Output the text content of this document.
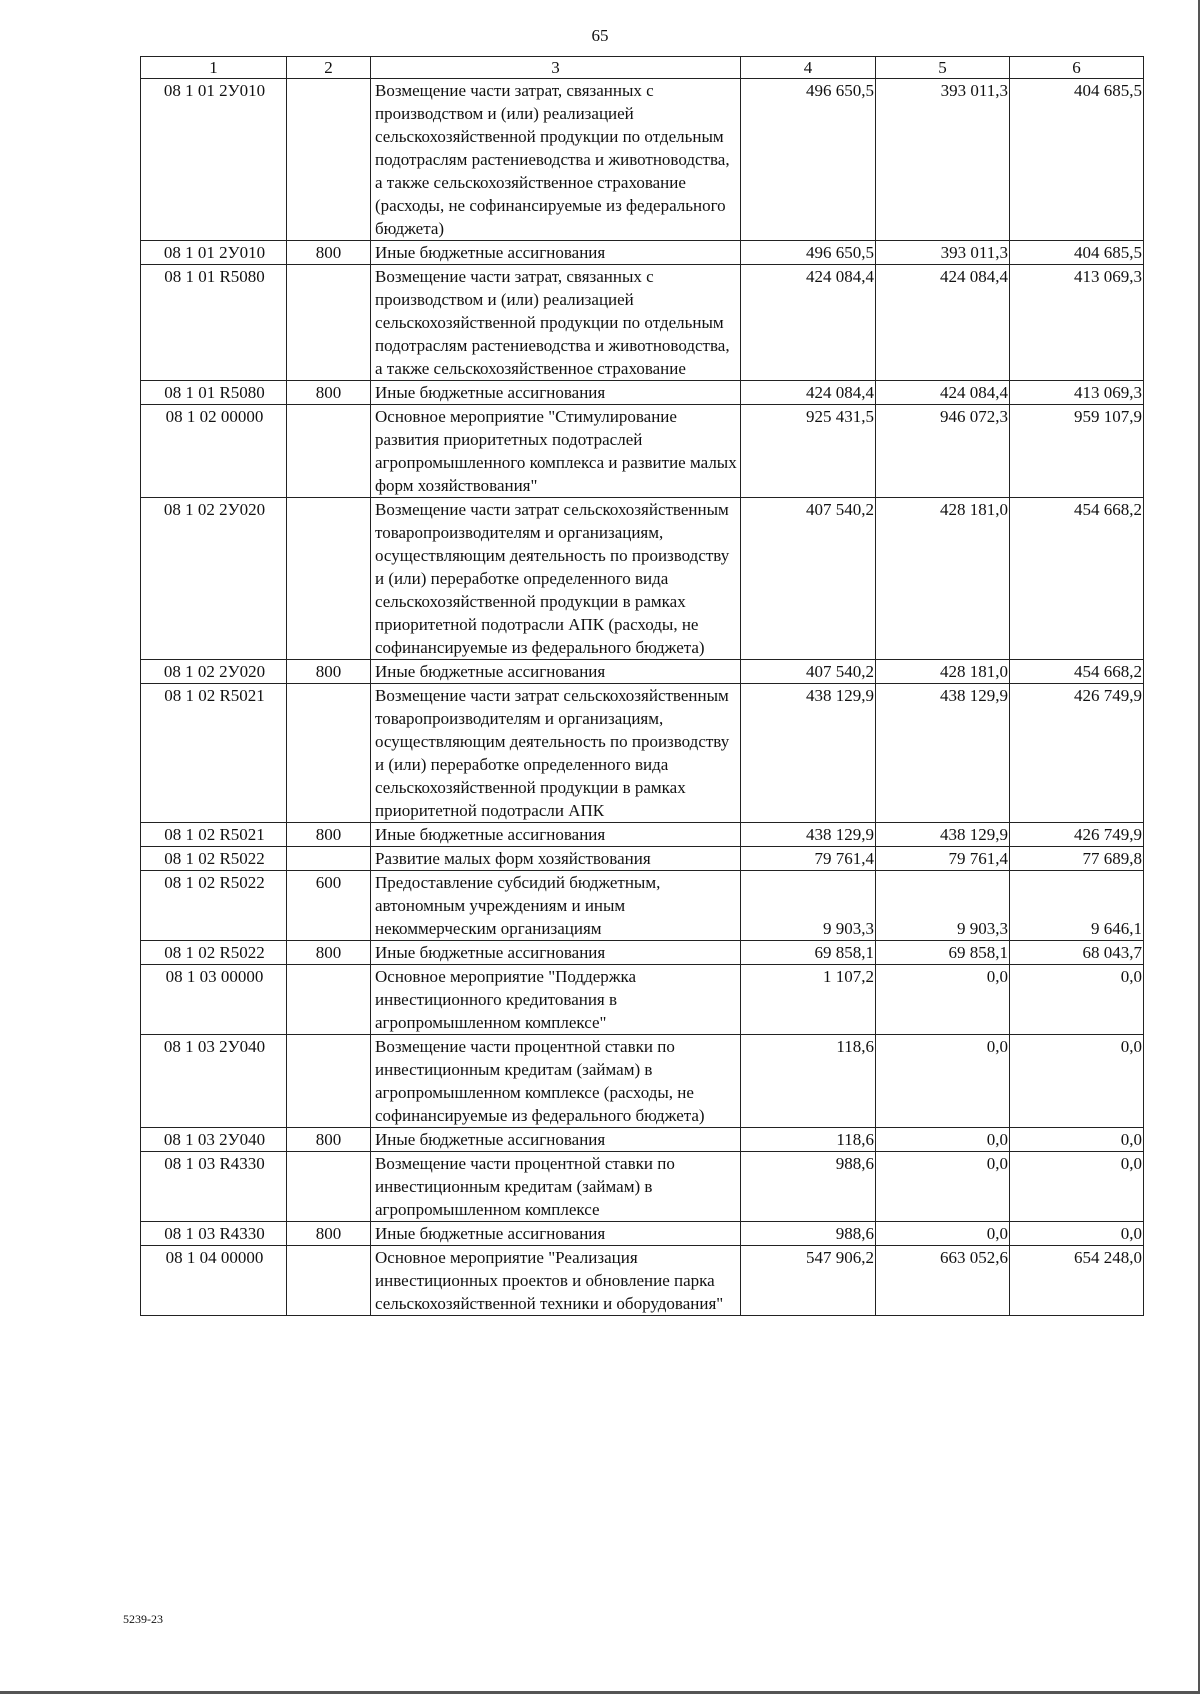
65
1	2	3	4	5	6
08 1 01 2У010		Возмещение части затрат, связанных с производством и (или) реализацией сельскохозяйственной продукции по отдельным подотраслям растениеводства и животноводства, а также сельскохозяйственное страхование (расходы, не софинансируемые из федерального бюджета)	496 650,5	393 011,3	404 685,5
08 1 01 2У010	800	Иные бюджетные ассигнования	496 650,5	393 011,3	404 685,5
08 1 01 R5080		Возмещение части затрат, связанных с производством и (или) реализацией сельскохозяйственной продукции по отдельным подотраслям растениеводства и животноводства, а также сельскохозяйственное страхование	424 084,4	424 084,4	413 069,3
08 1 01 R5080	800	Иные бюджетные ассигнования	424 084,4	424 084,4	413 069,3
08 1 02 00000		Основное мероприятие "Стимулирование развития приоритетных подотраслей агропромышленного комплекса и развитие малых форм хозяйствования"	925 431,5	946 072,3	959 107,9
08 1 02 2У020		Возмещение части затрат сельскохозяйственным товаропроизводителям и организациям, осуществляющим деятельность по производству и (или) переработке определенного вида сельскохозяйственной продукции в рамках приоритетной подотрасли АПК (расходы, не софинансируемые из федерального бюджета)	407 540,2	428 181,0	454 668,2
08 1 02 2У020	800	Иные бюджетные ассигнования	407 540,2	428 181,0	454 668,2
08 1 02 R5021		Возмещение части затрат сельскохозяйственным товаропроизводителям и организациям, осуществляющим деятельность по производству и (или) переработке определенного вида сельскохозяйственной продукции в рамках приоритетной подотрасли АПК	438 129,9	438 129,9	426 749,9
08 1 02 R5021	800	Иные бюджетные ассигнования	438 129,9	438 129,9	426 749,9
08 1 02 R5022		Развитие малых форм хозяйствования	79 761,4	79 761,4	77 689,8
08 1 02 R5022	600	Предоставление субсидий бюджетным, автономным учреждениям и иным некоммерческим организациям	9 903,3	9 903,3	9 646,1
08 1 02 R5022	800	Иные бюджетные ассигнования	69 858,1	69 858,1	68 043,7
08 1 03 00000		Основное мероприятие "Поддержка инвестиционного кредитования в агропромышленном комплексе"	1 107,2	0,0	0,0
08 1 03 2У040		Возмещение части процентной ставки по инвестиционным кредитам (займам) в агропромышленном комплексе (расходы, не софинансируемые из федерального бюджета)	118,6	0,0	0,0
08 1 03 2У040	800	Иные бюджетные ассигнования	118,6	0,0	0,0
08 1 03 R4330		Возмещение части процентной ставки по инвестиционным кредитам (займам) в агропромышленном комплексе	988,6	0,0	0,0
08 1 03 R4330	800	Иные бюджетные ассигнования	988,6	0,0	0,0
08 1 04 00000		Основное мероприятие "Реализация инвестиционных проектов и обновление парка сельскохозяйственной техники и оборудования"	547 906,2	663 052,6	654 248,0
5239-23
